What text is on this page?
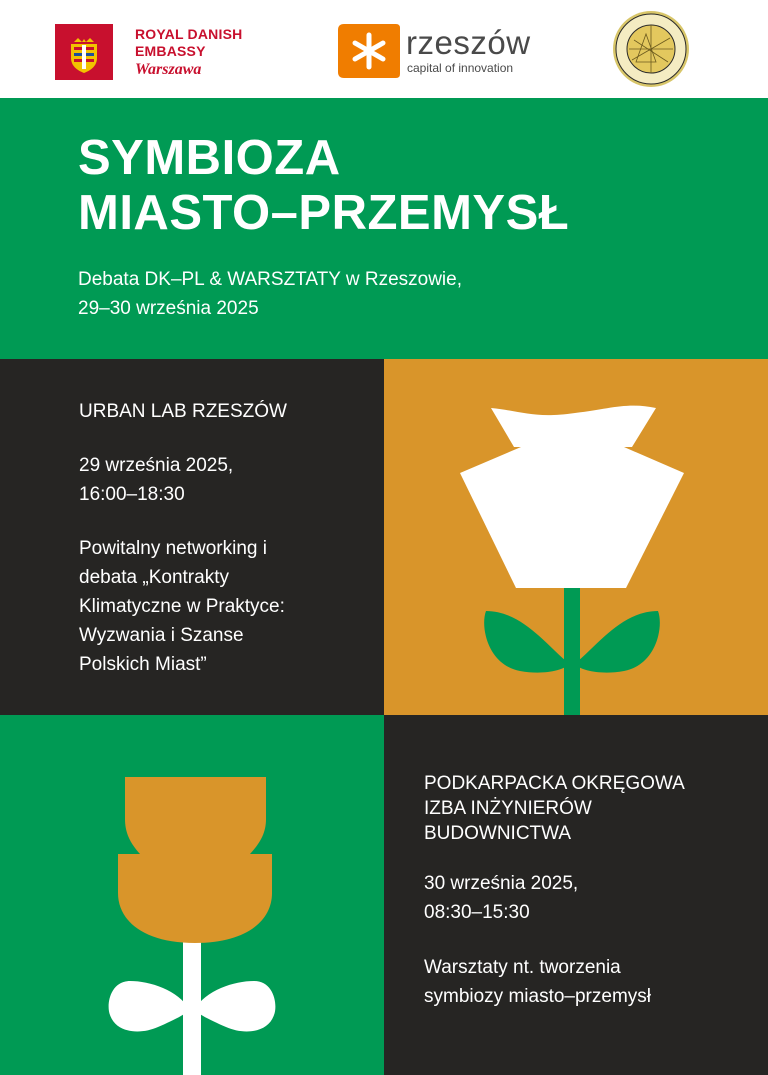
ROYAL DANISH
EMBASSY
Warszawa
rzeszów
capital of innovation
SYMBIOZA
MIASTO–PRZEMYSŁ
Debata DK–PL & WARSZTATY w Rzeszowie,
29–30 września 2025
URBAN LAB RZESZÓW
29 września 2025,
16:00–18:30
Powitalny networking i
debata „Kontrakty
Klimatyczne w Praktyce:
Wyzwania i Szanse
Polskich Miast”
PODKARPACKA OKRĘGOWA
IZBA INŻYNIERÓW
BUDOWNICTWA
30 września 2025,
08:30–15:30
Warsztaty nt. tworzenia
symbiozy miasto–przemysł
